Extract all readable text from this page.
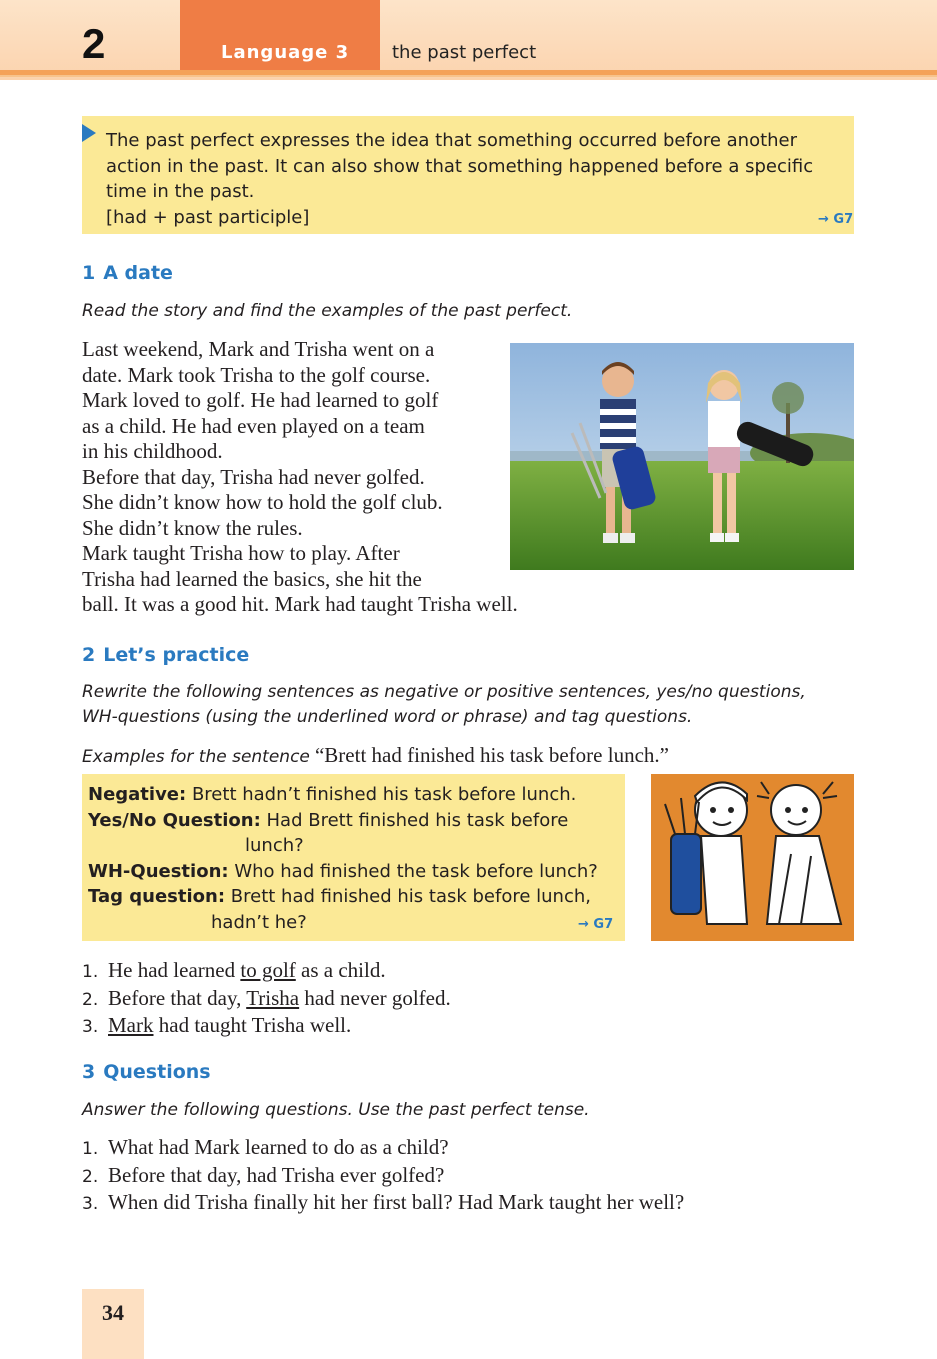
2	Language 3 the past perfect
The past perfect expresses the idea that something occurred before another
action in the past. It can also show that something happened before a specific
time in the past.
[had + past participle]	→ G7
1 A date
Read the story and find the examples of the past perfect.

Last weekend, Mark and Trisha went on a

date. Mark took Trisha to the golf course.

Mark loved to golf. He had learned to golf

as a child. He had even played on a team

in his childhood.

Before that day, Trisha had never golfed.

She didn’t know how to hold the golf club.

She didn’t know the rules.

Mark taught Trisha how to play. After

Trisha had learned the basics, she hit the

ball. It was a good hit. Mark had taught Trisha well.

2 Let’s practice
Rewrite the following sentences as negative or positive sentences, yes/no questions,
WH-questions (using the underlined word or phrase) and tag questions.
Examples for the sentence “Brett had finished his task before lunch.”
Negative: Brett hadn’t finished his task before lunch.
Yes/No Question: Had Brett finished his task before
lunch?
WH-Question: Who had finished the task before lunch?
Tag question: Brett had finished his task before lunch,
hadn’t he?	→ G7
1. He had learned to golf as a child.
2. Before that day, Trisha had never golfed.
3. Mark had taught Trisha well.
3 Questions
Answer the following questions. Use the past perfect tense.
1. What had Mark learned to do as a child?
2. Before that day, had Trisha ever golfed?
3. When did Trisha finally hit her first ball? Had Mark taught her well?
34
